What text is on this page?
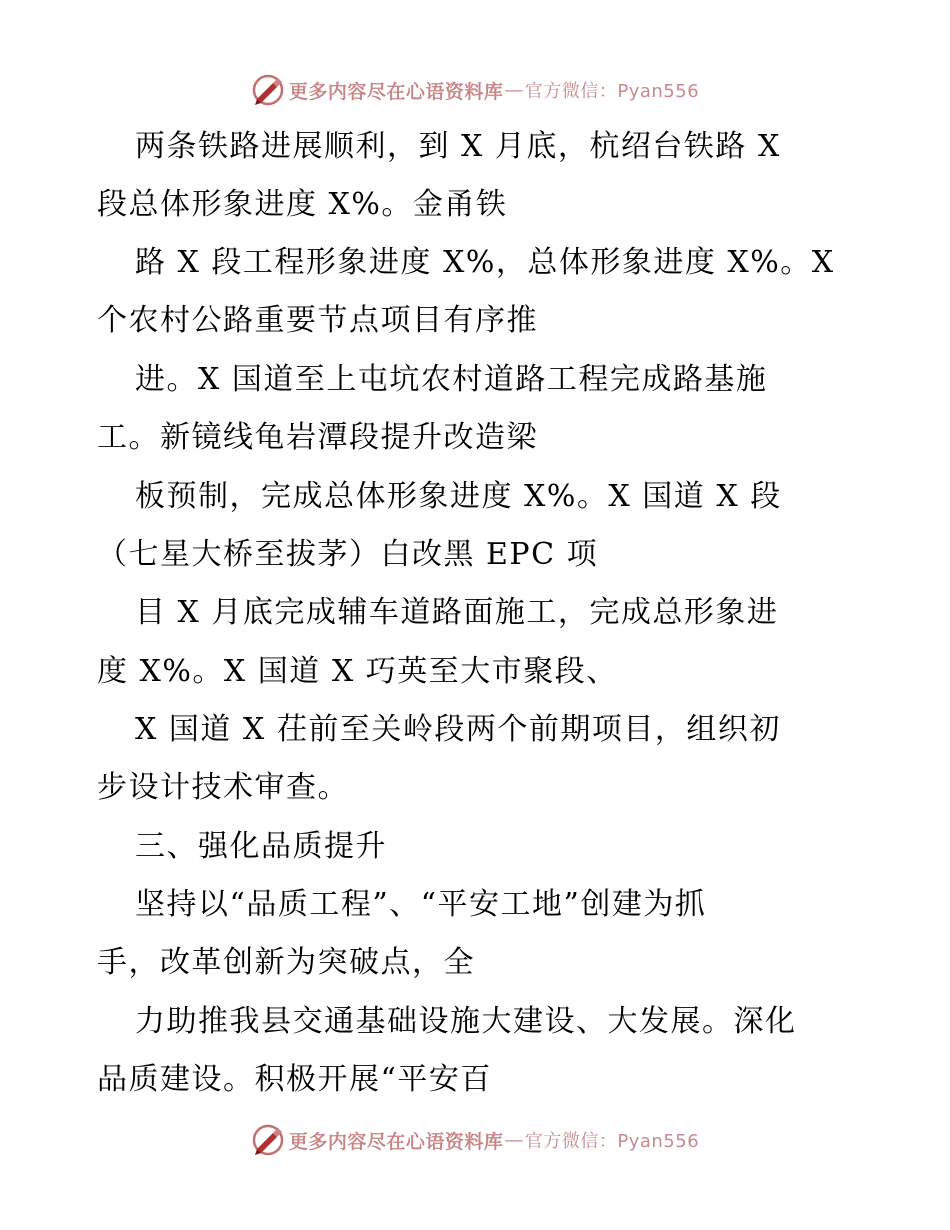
更多内容尽在心语资料库 — 官方微信：Pyan556
两条铁路进展顺利，到 X 月底，杭绍台铁路 X
段总体形象进度 X%。金甬铁
路 X 段工程形象进度 X%，总体形象进度 X%。X
个农村公路重要节点项目有序推
进。X 国道至上屯坑农村道路工程完成路基施
工。新镜线龟岩潭段提升改造梁
板预制，完成总体形象进度 X%。X 国道 X 段
（七星大桥至拔茅）白改黑 EPC 项
目 X 月底完成辅车道路面施工，完成总形象进
度 X%。X 国道 X 巧英至大市聚段、
X 国道 X 茌前至关岭段两个前期项目，组织初
步设计技术审查。
三、强化品质提升
坚持以“品质工程”、“平安工地”创建为抓
手，改革创新为突破点，全
力助推我县交通基础设施大建设、大发展。深化
品质建设。积极开展“平安百
更多内容尽在心语资料库 — 官方微信：Pyan556
